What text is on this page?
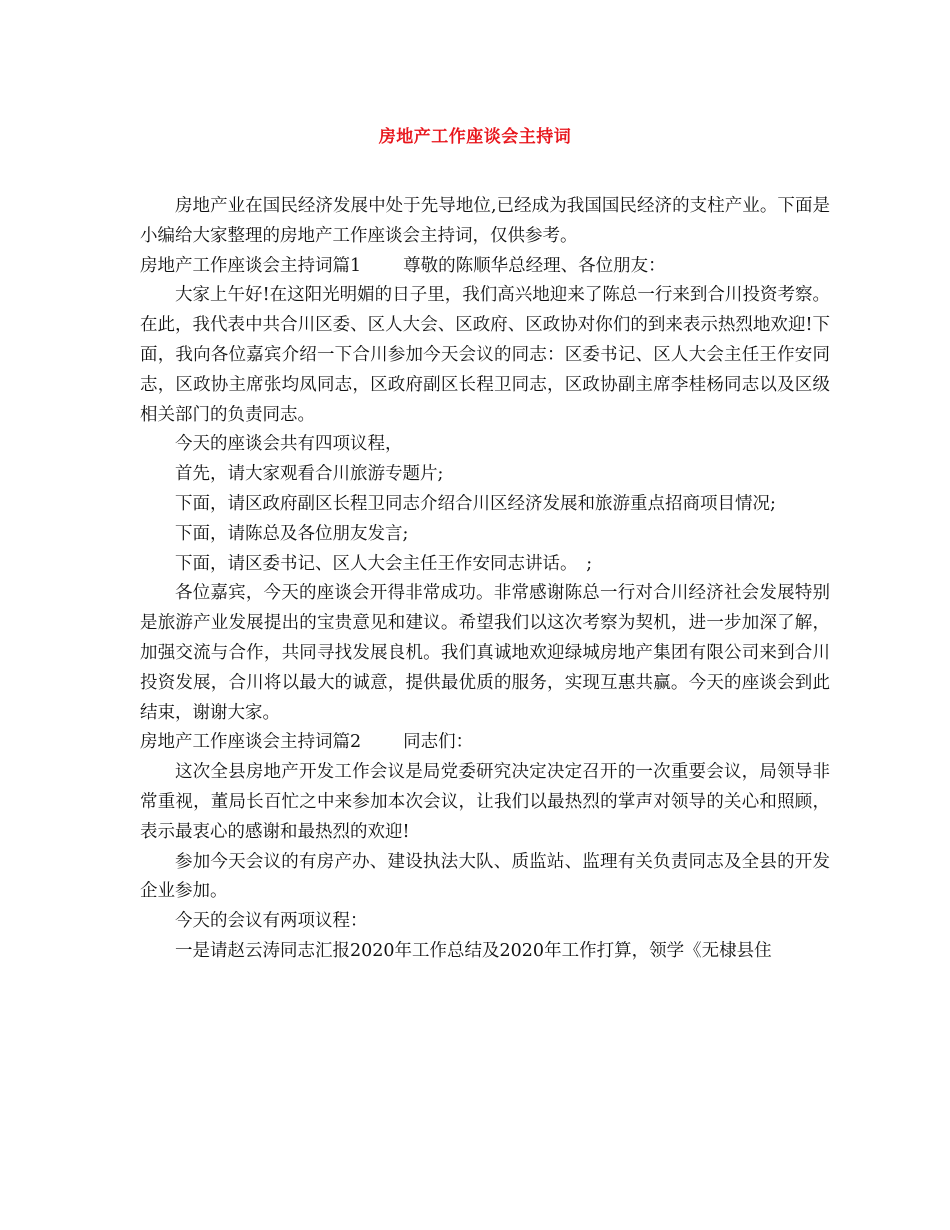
房地产工作座谈会主持词

房地产业在国民经济发展中处于先导地位,已经成为我国国民经济的支柱产业。下面是小编给大家整理的房地产工作座谈会主持词，仅供参考。

房地产工作座谈会主持词篇1 尊敬的陈顺华总经理、各位朋友：

大家上午好!在这阳光明媚的日子里，我们高兴地迎来了陈总一行来到合川投资考察。在此，我代表中共合川区委、区人大会、区政府、区政协对你们的到来表示热烈地欢迎!下面，我向各位嘉宾介绍一下合川参加今天会议的同志：区委书记、区人大会主任王作安同志，区政协主席张均凤同志，区政府副区长程卫同志，区政协副主席李桂杨同志以及区级相关部门的负责同志。

今天的座谈会共有四项议程，

首先，请大家观看合川旅游专题片;

下面，请区政府副区长程卫同志介绍合川区经济发展和旅游重点招商项目情况;

下面，请陈总及各位朋友发言;

下面，请区委书记、区人大会主任王作安同志讲话。　;

各位嘉宾，今天的座谈会开得非常成功。非常感谢陈总一行对合川经济社会发展特别是旅游产业发展提出的宝贵意见和建议。希望我们以这次考察为契机，进一步加深了解，加强交流与合作，共同寻找发展良机。我们真诚地欢迎绿城房地产集团有限公司来到合川投资发展，合川将以最大的诚意，提供最优质的服务，实现互惠共赢。今天的座谈会到此结束，谢谢大家。

房地产工作座谈会主持词篇2 同志们：

这次全县房地产开发工作会议是局党委研究决定决定召开的一次重要会议，局领导非常重视，董局长百忙之中来参加本次会议，让我们以最热烈的掌声对领导的关心和照顾，表示最衷心的感谢和最热烈的欢迎!

参加今天会议的有房产办、建设执法大队、质监站、监理有关负责同志及全县的开发企业参加。

今天的会议有两项议程：

一是请赵云涛同志汇报2020年工作总结及2020年工作打算，领学《无棣县住
